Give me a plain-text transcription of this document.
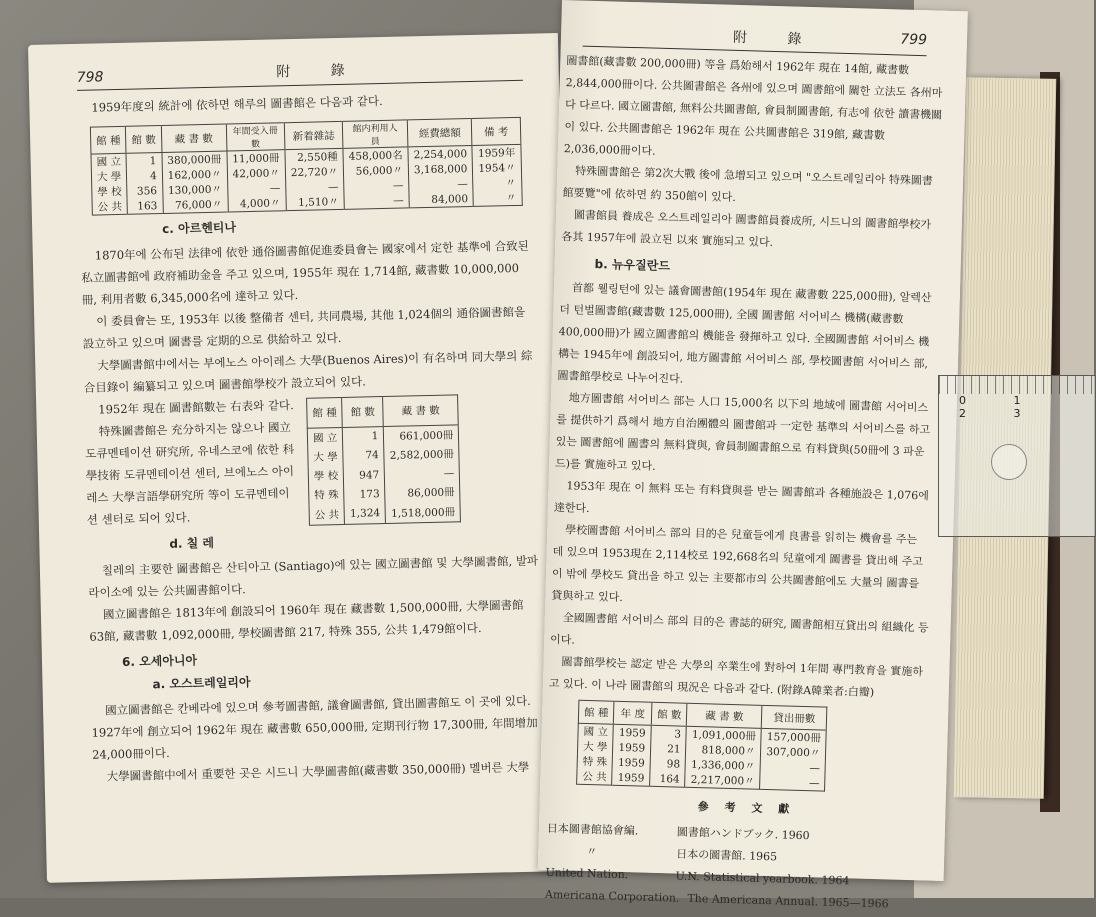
798	附 錄
1959年度의 統計에 依하면 해루의 圖書館은 다음과 같다.
館 種	館 數	藏 書 數	年間受入冊數	新着雜誌	館内利用人員	經費總額	備 考
國 立	1	380,000冊	11,000冊	2,550種	458,000名	2,254,000	1959年
大 學	4	162,000〃	42,000〃	22,720〃	56,000〃	3,168,000	1954〃
學 校	356	130,000〃	—	—	—	—	〃
公 共	163	76,000〃	4,000〃	1,510〃	—	84,000	〃
c. 아르헨티나
1870年에 公布된 法律에 依한 通俗圖書館促進委員會는 國家에서 定한 基準에 合致된 私立圖書館에 政府補助金을 주고 있으며, 1955年 現在 1,714館, 藏書數 10,000,000冊, 利用者數 6,345,000名에 達하고 있다.
이 委員會는 또, 1953年 以後 整備者 센터, 共同農場, 其他 1,024個의 通俗圖書館을 設立하고 있으며 圖書를 定期的으로 供給하고 있다.
大學圖書館中에서는 부에노스 아이레스 大學(Buenos Aires)이 有名하며 同大學의 綜合目錄이 編纂되고 있으며 圖書館學校가 設立되어 있다.
1952年 現在 圖書館數는 右表와 같다.
特殊圖書館은 充分하지는 않으나 國立도큐멘테이션 研究所, 유네스코에 依한 科學技術 도큐멘테이션 센터, 브에노스 아이레스 大學言語學研究所 等이 도큐멘테이션 센터로 되어 있다.
館 種	館 數	藏 書 數
國 立	1	661,000冊
大 學	74	2,582,000冊
學 校	947	—
特 殊	173	86,000冊
公 共	1,324	1,518,000冊
d. 칠 레
칠레의 主要한 圖書館은 산티아고 (Santiago)에 있는 國立圖書館 및 大學圖書館, 발파라이소에 있는 公共圖書館이다.
國立圖書館은 1813年에 創設되어 1960年 現在 藏書數 1,500,000冊, 大學圖書館 63館, 藏書數 1,092,000冊, 學校圖書館 217, 特殊 355, 公共 1,479館이다.
6. 오세아니아
a. 오스트레일리아
國立圖書館은 칸베라에 있으며 參考圖書館, 議會圖書館, 貸出圖書館도 이 곳에 있다. 1927年에 創立되어 1962年 現在 藏書數 650,000冊, 定期刊行物 17,300冊, 年間增加 24,000冊이다.
大學圖書館中에서 重要한 곳은 시드니 大學圖書館(藏書數 350,000冊) 멜버른 大學
附 錄	799
圖書館(藏書數 200,000冊) 等을 爲始해서 1962年 現在 14館, 藏書數 2,844,000冊이다. 公共圖書館은 各州에 있으며 圖書館에 關한 立法도 各州마다 다르다. 國立圖書館, 無料公共圖書館, 會員制圖書館, 有志에 依한 讀書機關이 있다. 公共圖書館은 1962年 現在 公共圖書館은 319館, 藏書數 2,036,000冊이다.
特殊圖書館은 第2次大戰 後에 急增되고 있으며 "오스트레일리아 特殊圖書館要覽"에 依하면 約 350館이 있다.
圖書館員 養成은 오스트레일리아 圖書館員養成所, 시드니의 圖書館學校가 各其 1957年에 設立된 以來 實施되고 있다.
b. 뉴우질란드
首都 웰링턴에 있는 議會圖書館(1954年 現在 藏書數 225,000冊), 알렉산더 턴벌圖書館(藏書數 125,000冊), 全國 圖書館 서어비스 機構(藏書數 400,000冊)가 國立圖書館의 機能을 發揮하고 있다. 全國圖書館 서어비스 機構는 1945年에 創設되어, 地方圖書館 서어비스 部, 學校圖書館 서어비스 部, 圖書館學校로 나누어진다.
地方圖書館 서어비스 部는 人口 15,000名 以下의 地域에 圖書館 서어비스를 提供하기 爲해서 地方自治團體의 圖書館과 一定한 基準의 서어비스를 하고 있는 圖書館에 圖書의 無料貸與, 會員制圖書館으로 有料貸與(50冊에 3 파운드)를 實施하고 있다.
1953年 現在 이 無料 또는 有料貸與를 받는 圖書館과 各種施設은 1,076에 達한다.
學校圖書館 서어비스 部의 目的은 兒童들에게 良書를 읽히는 機會를 주는 데 있으며 1953現在 2,114校로 192,668名의 兒童에게 圖書를 貸出해 주고 이 밖에 學校도 貸出을 하고 있는 主要都市의 公共圖書館에도 大量의 圖書를 貸與하고 있다.
全國圖書館 서어비스 部의 目的은 書誌的研究, 圖書館相互貸出의 組織化 등이다.
圖書館學校는 認定 받은 大學의 卒業生에 對하여 1年間 專門教育을 實施하고 있다. 이 나라 圖書館의 現況은 다음과 같다. (附錄A韓業者:白瓣)
館 種	年 度	館 數	藏 書 數	貸出冊數
國 立	1959	3	1,091,000冊	157,000冊
大 學	1959	21	818,000〃	307,000〃
特 殊	1959	98	1,336,000〃	—
公 共	1959	164	2,217,000〃	—
參 考 文 獻
日本圖書館協會編.	圖書館ハンドブック. 1960
〃	日本の圖書館. 1965
United Nation.	U.N. Statistical yearbook. 1964
Americana Corporation. The Americana Annual. 1965—1966
0 1 2 3
